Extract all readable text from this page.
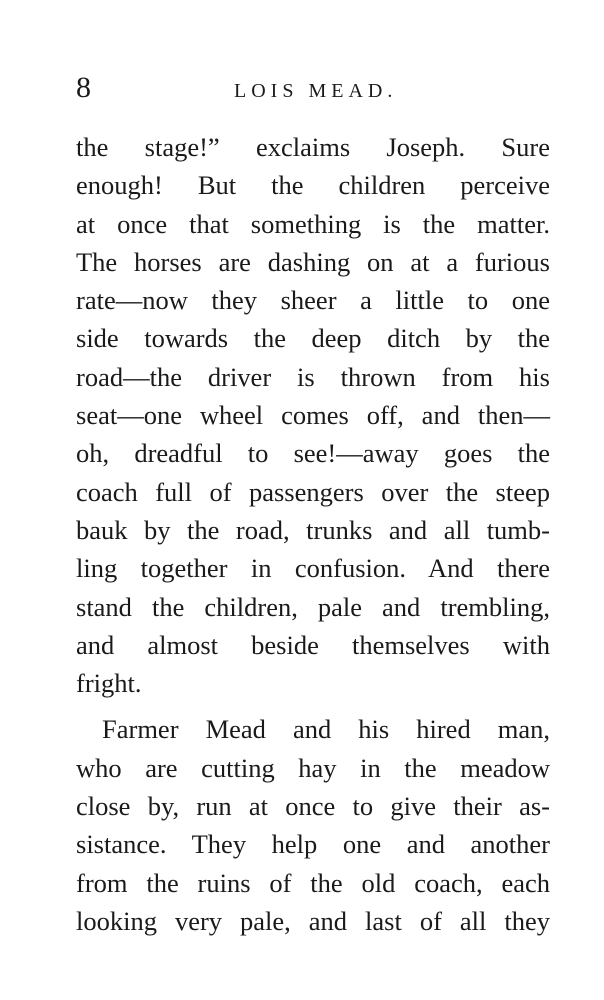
8	LOIS MEAD.
the stage!” exclaims Joseph. Sure
enough! But the children perceive
at once that something is the matter.
The horses are dashing on at a furious
rate—now they sheer a little to one
side towards the deep ditch by the
road—the driver is thrown from his
seat—one wheel comes off, and then—
oh, dreadful to see!—away goes the
coach full of passengers over the steep
bauk by the road, trunks and all tumb-
ling together in confusion. And there
stand the children, pale and trembling,
and almost beside themselves with
fright.
Farmer Mead and his hired man,
who are cutting hay in the meadow
close by, run at once to give their as-
sistance. They help one and another
from the ruins of the old coach, each
looking very pale, and last of all they
